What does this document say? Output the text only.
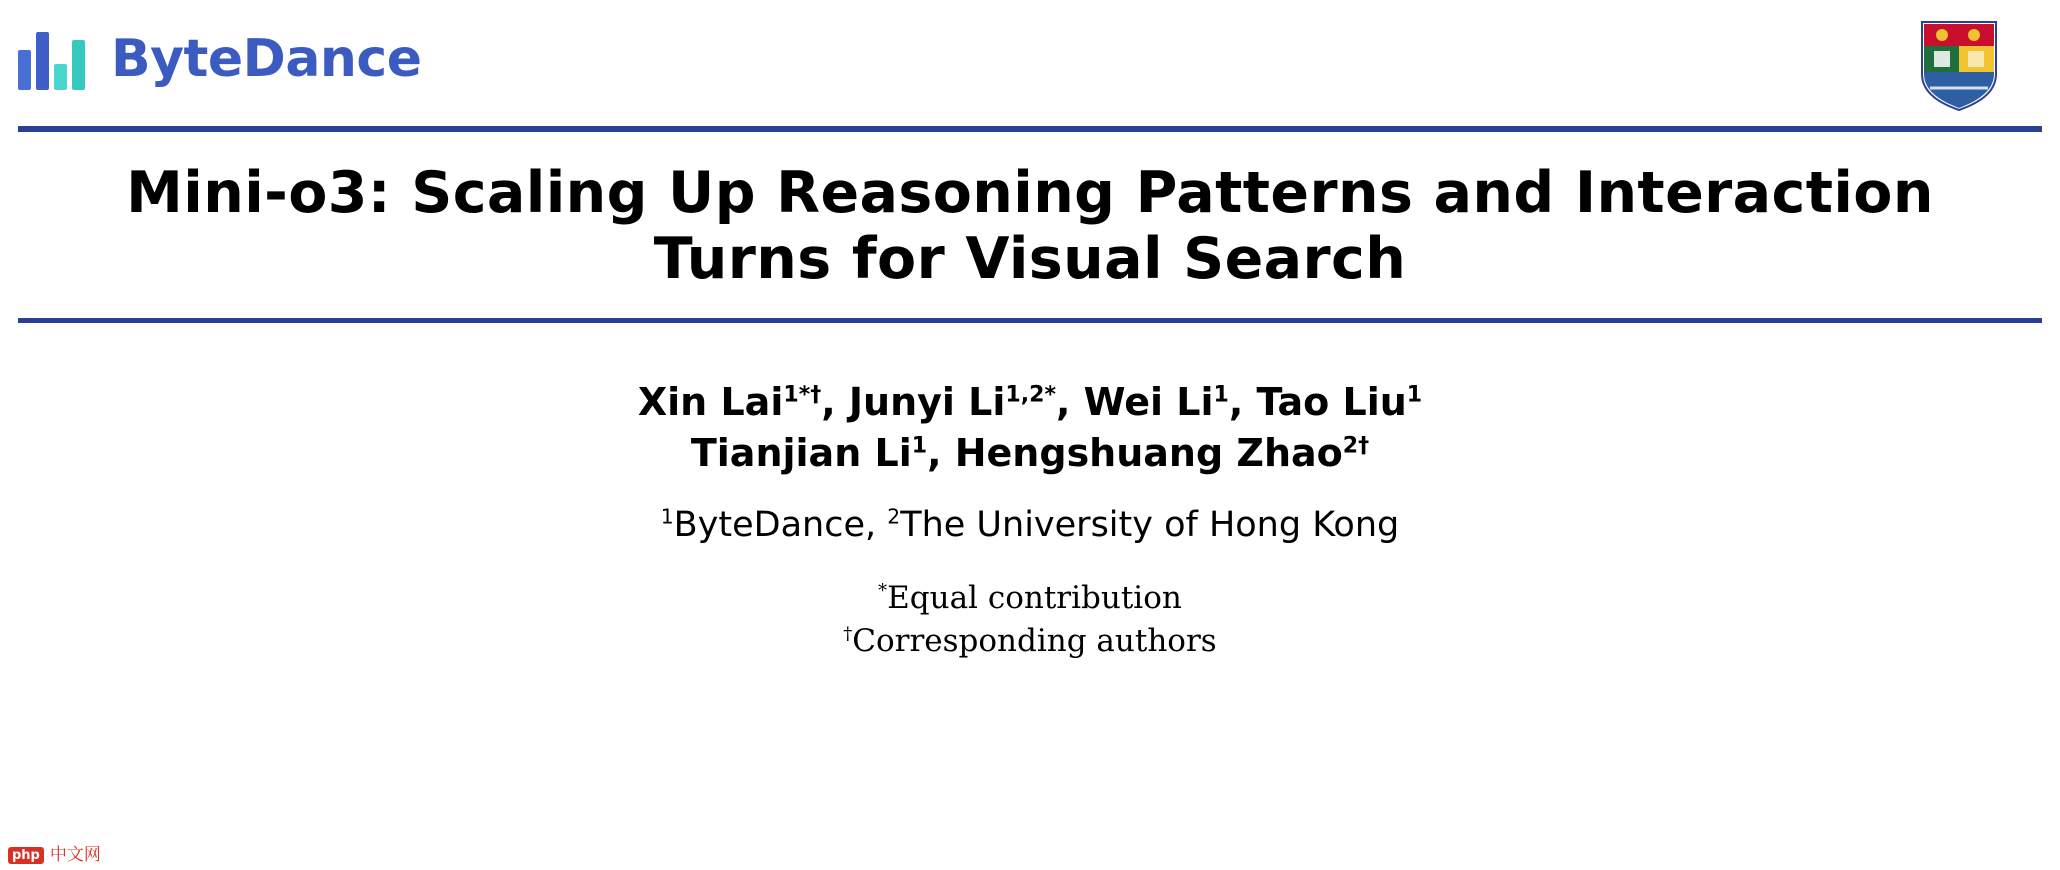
ByteDance
Mini-o3: Scaling Up Reasoning Patterns and Interaction
Turns for Visual Search
Xin Lai$^{1*\dagger}$, Junyi $Li^{1,2*}$, Wei Li$^1$, Tao Liu$^1$
Tianjian Li$^1$, Hengshuang Zhao$^{2\dagger}$
$^1$ByteDance, $^2$The University of Hong Kong
*Equal contribution
†Corresponding authors
php 中文网
